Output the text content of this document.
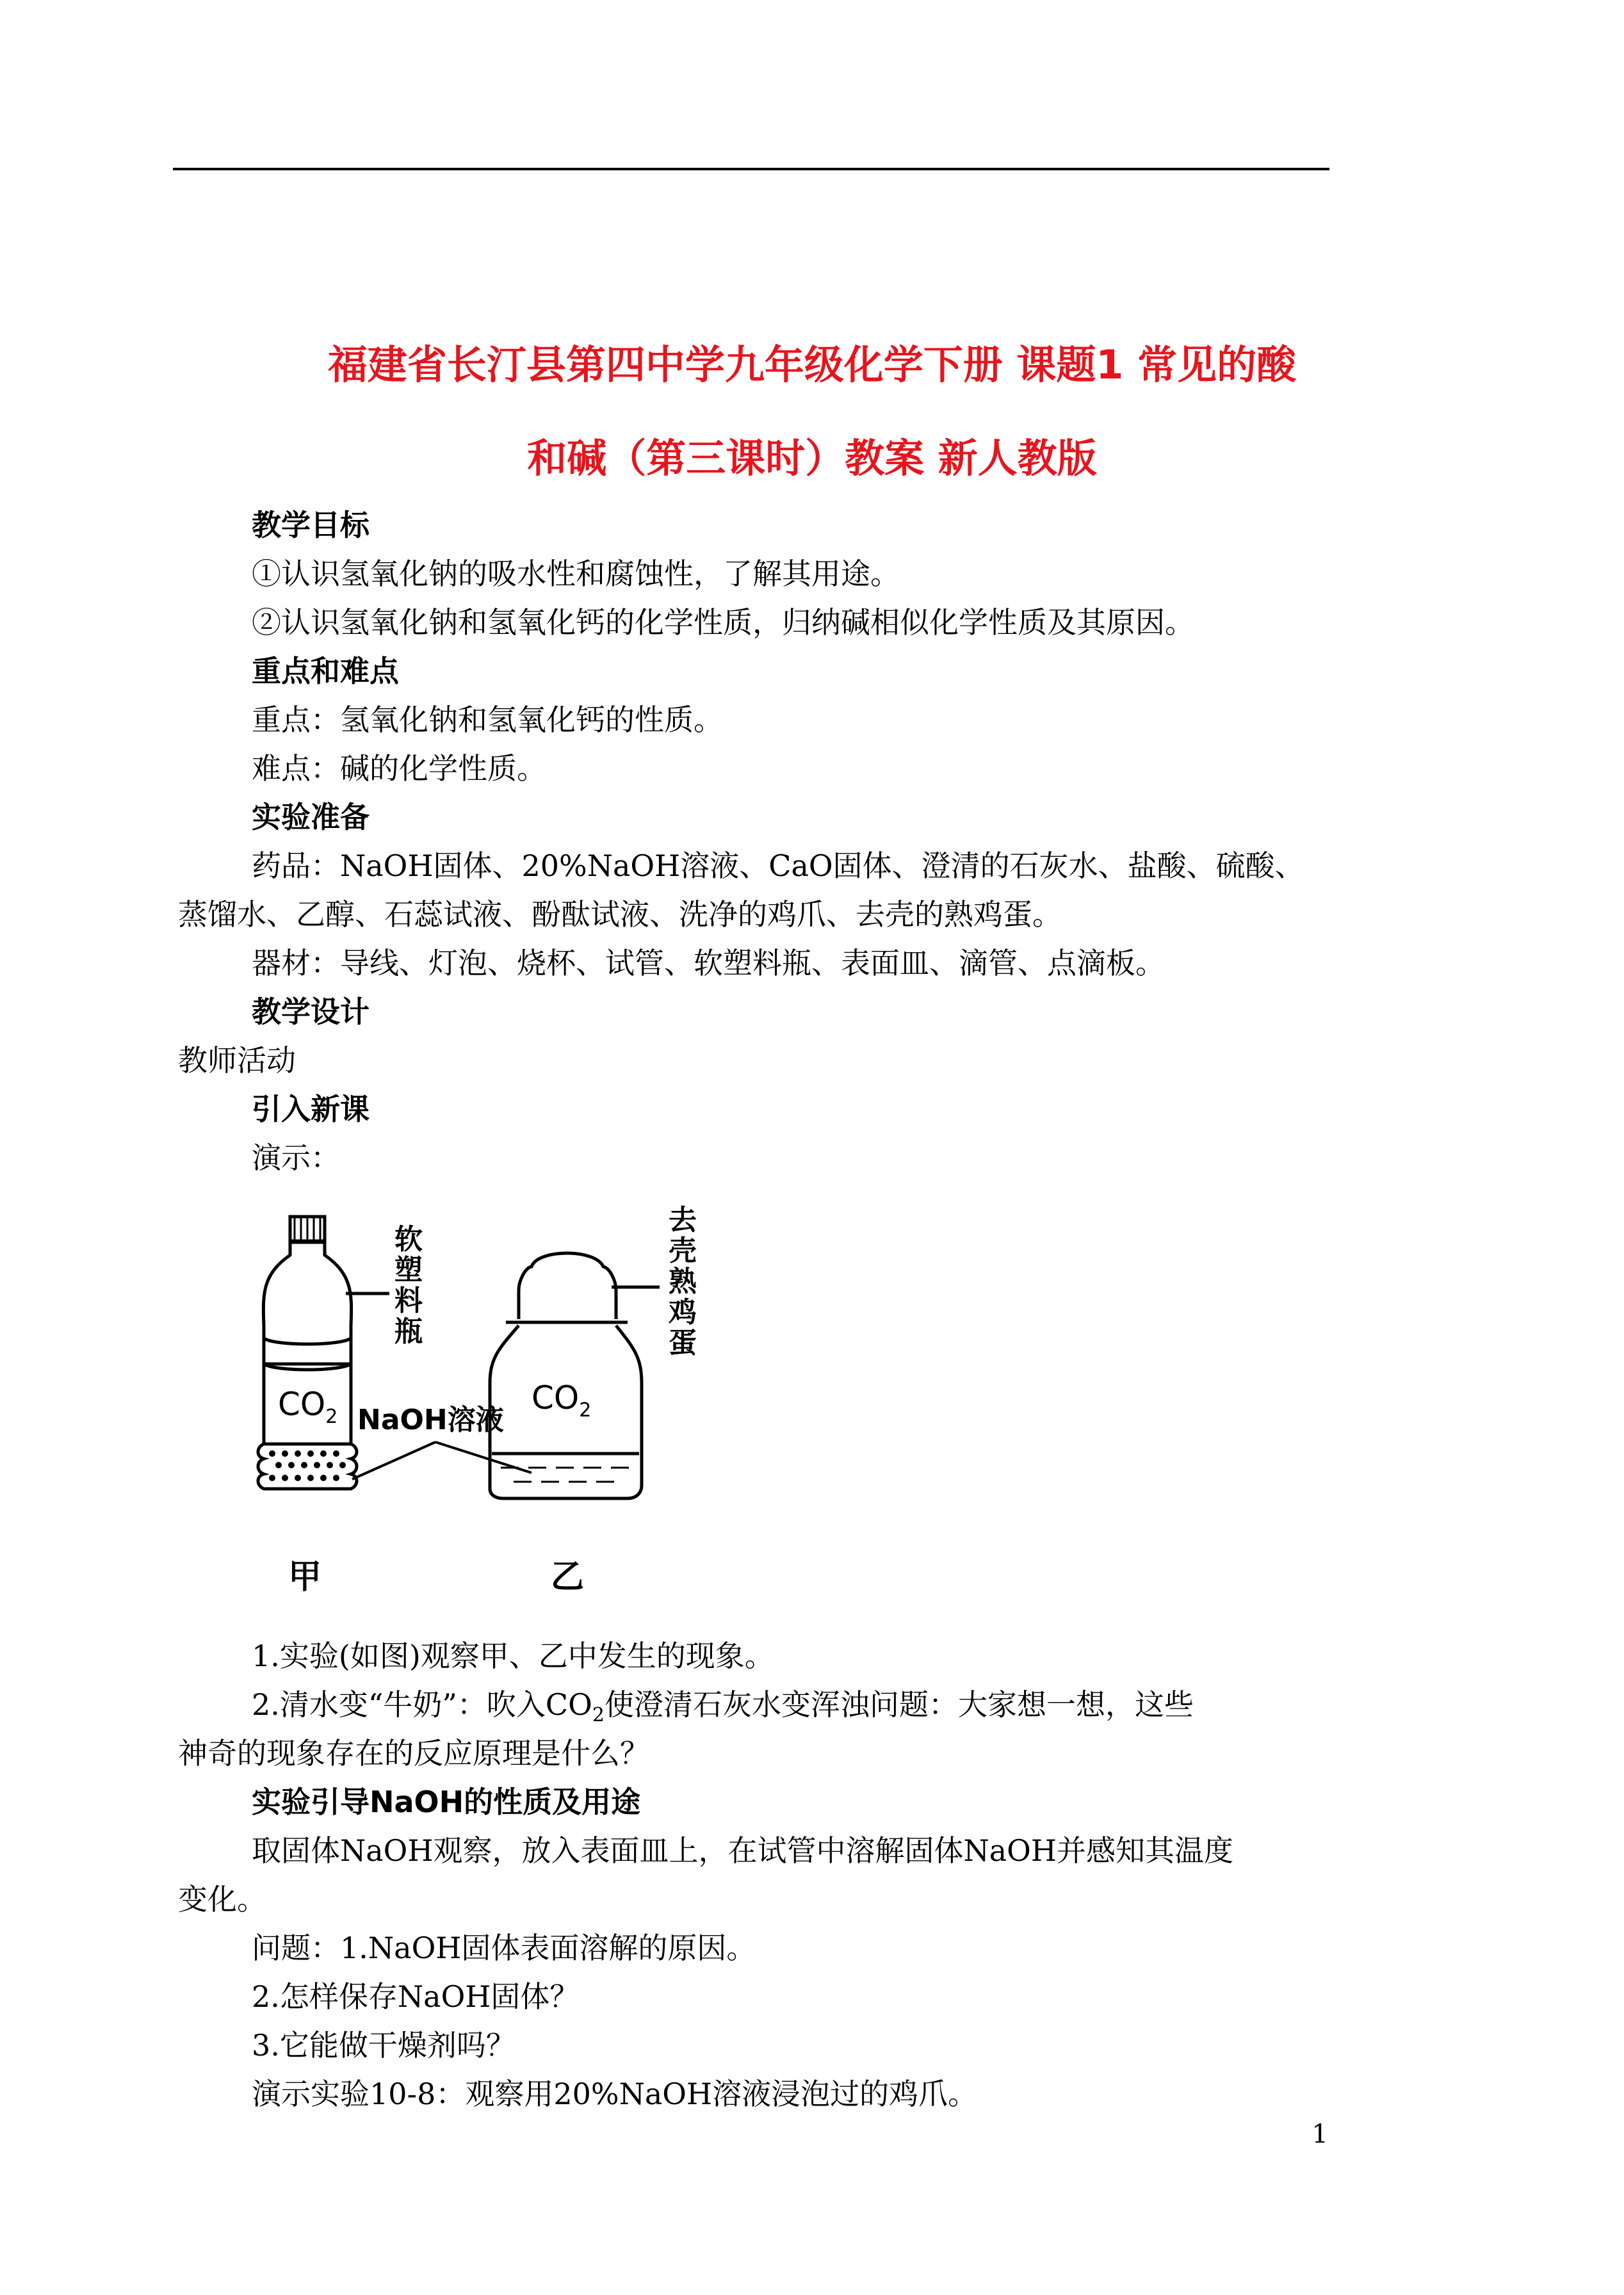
福建省长汀县第四中学九年级化学下册 课题1 常见的酸
和碱（第三课时）教案 新人教版
教学目标
①认识氢氧化钠的吸水性和腐蚀性，了解其用途。
②认识氢氧化钠和氢氧化钙的化学性质，归纳碱相似化学性质及其原因。
重点和难点
重点：氢氧化钠和氢氧化钙的性质。
难点：碱的化学性质。
实验准备
药品：NaOH固体、20%NaOH溶液、CaO固体、澄清的石灰水、盐酸、硫酸、
蒸馏水、乙醇、石蕊试液、酚酞试液、洗净的鸡爪、去壳的熟鸡蛋。
器材：导线、灯泡、烧杯、试管、软塑料瓶、表面皿、滴管、点滴板。
教学设计
教师活动
引入新课
演示：
$CO_2$
软
塑
料
瓶
$CO_2$
去
壳
熟
鸡
蛋
NaOH溶液
甲	乙
1.实验(如图)观察甲、乙中发生的现象。
2.清水变“牛奶”：吹入$CO_2$使澄清石灰水变浑浊问题：大家想一想，这些
神奇的现象存在的反应原理是什么？
实验引导NaOH的性质及用途
取固体NaOH观察，放入表面皿上，在试管中溶解固体NaOH并感知其温度
变化。
问题：1.NaOH固体表面溶解的原因。
2.怎样保存NaOH固体？
3.它能做干燥剂吗？
演示实验10-8：观察用20%NaOH溶液浸泡过的鸡爪。
1
